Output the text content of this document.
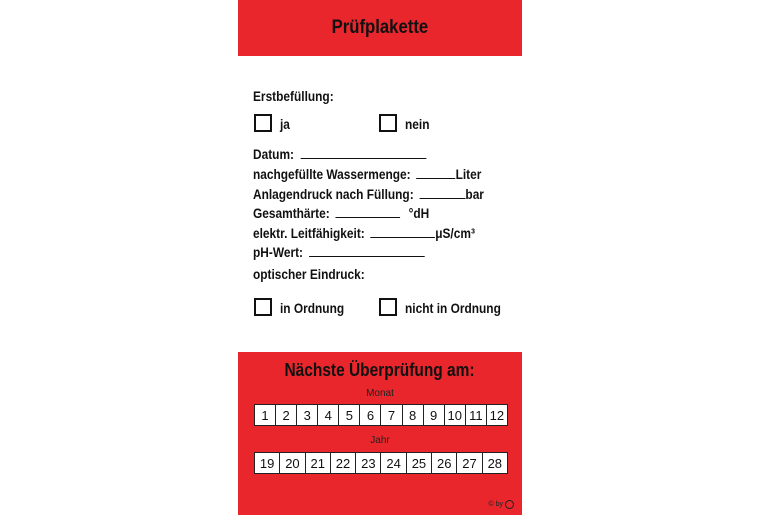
Prüfplakette
Erstbefüllung:
ja	nein
Datum:
nachgefüllte Wassermenge:	Liter
Anlagendruck nach Füllung:	bar
Gesamthärte:	°dH
elektr. Leitfähigkeit:	μS/cm³
pH-Wert:
optischer Eindruck:
in Ordnung	nicht in Ordnung
Nächste Überprüfung am:
Monat
1	2	3	4	5	6	7	8	9 10 11 12
Jahr
19 20 21 22 23 24 25 26 27 28
© by
